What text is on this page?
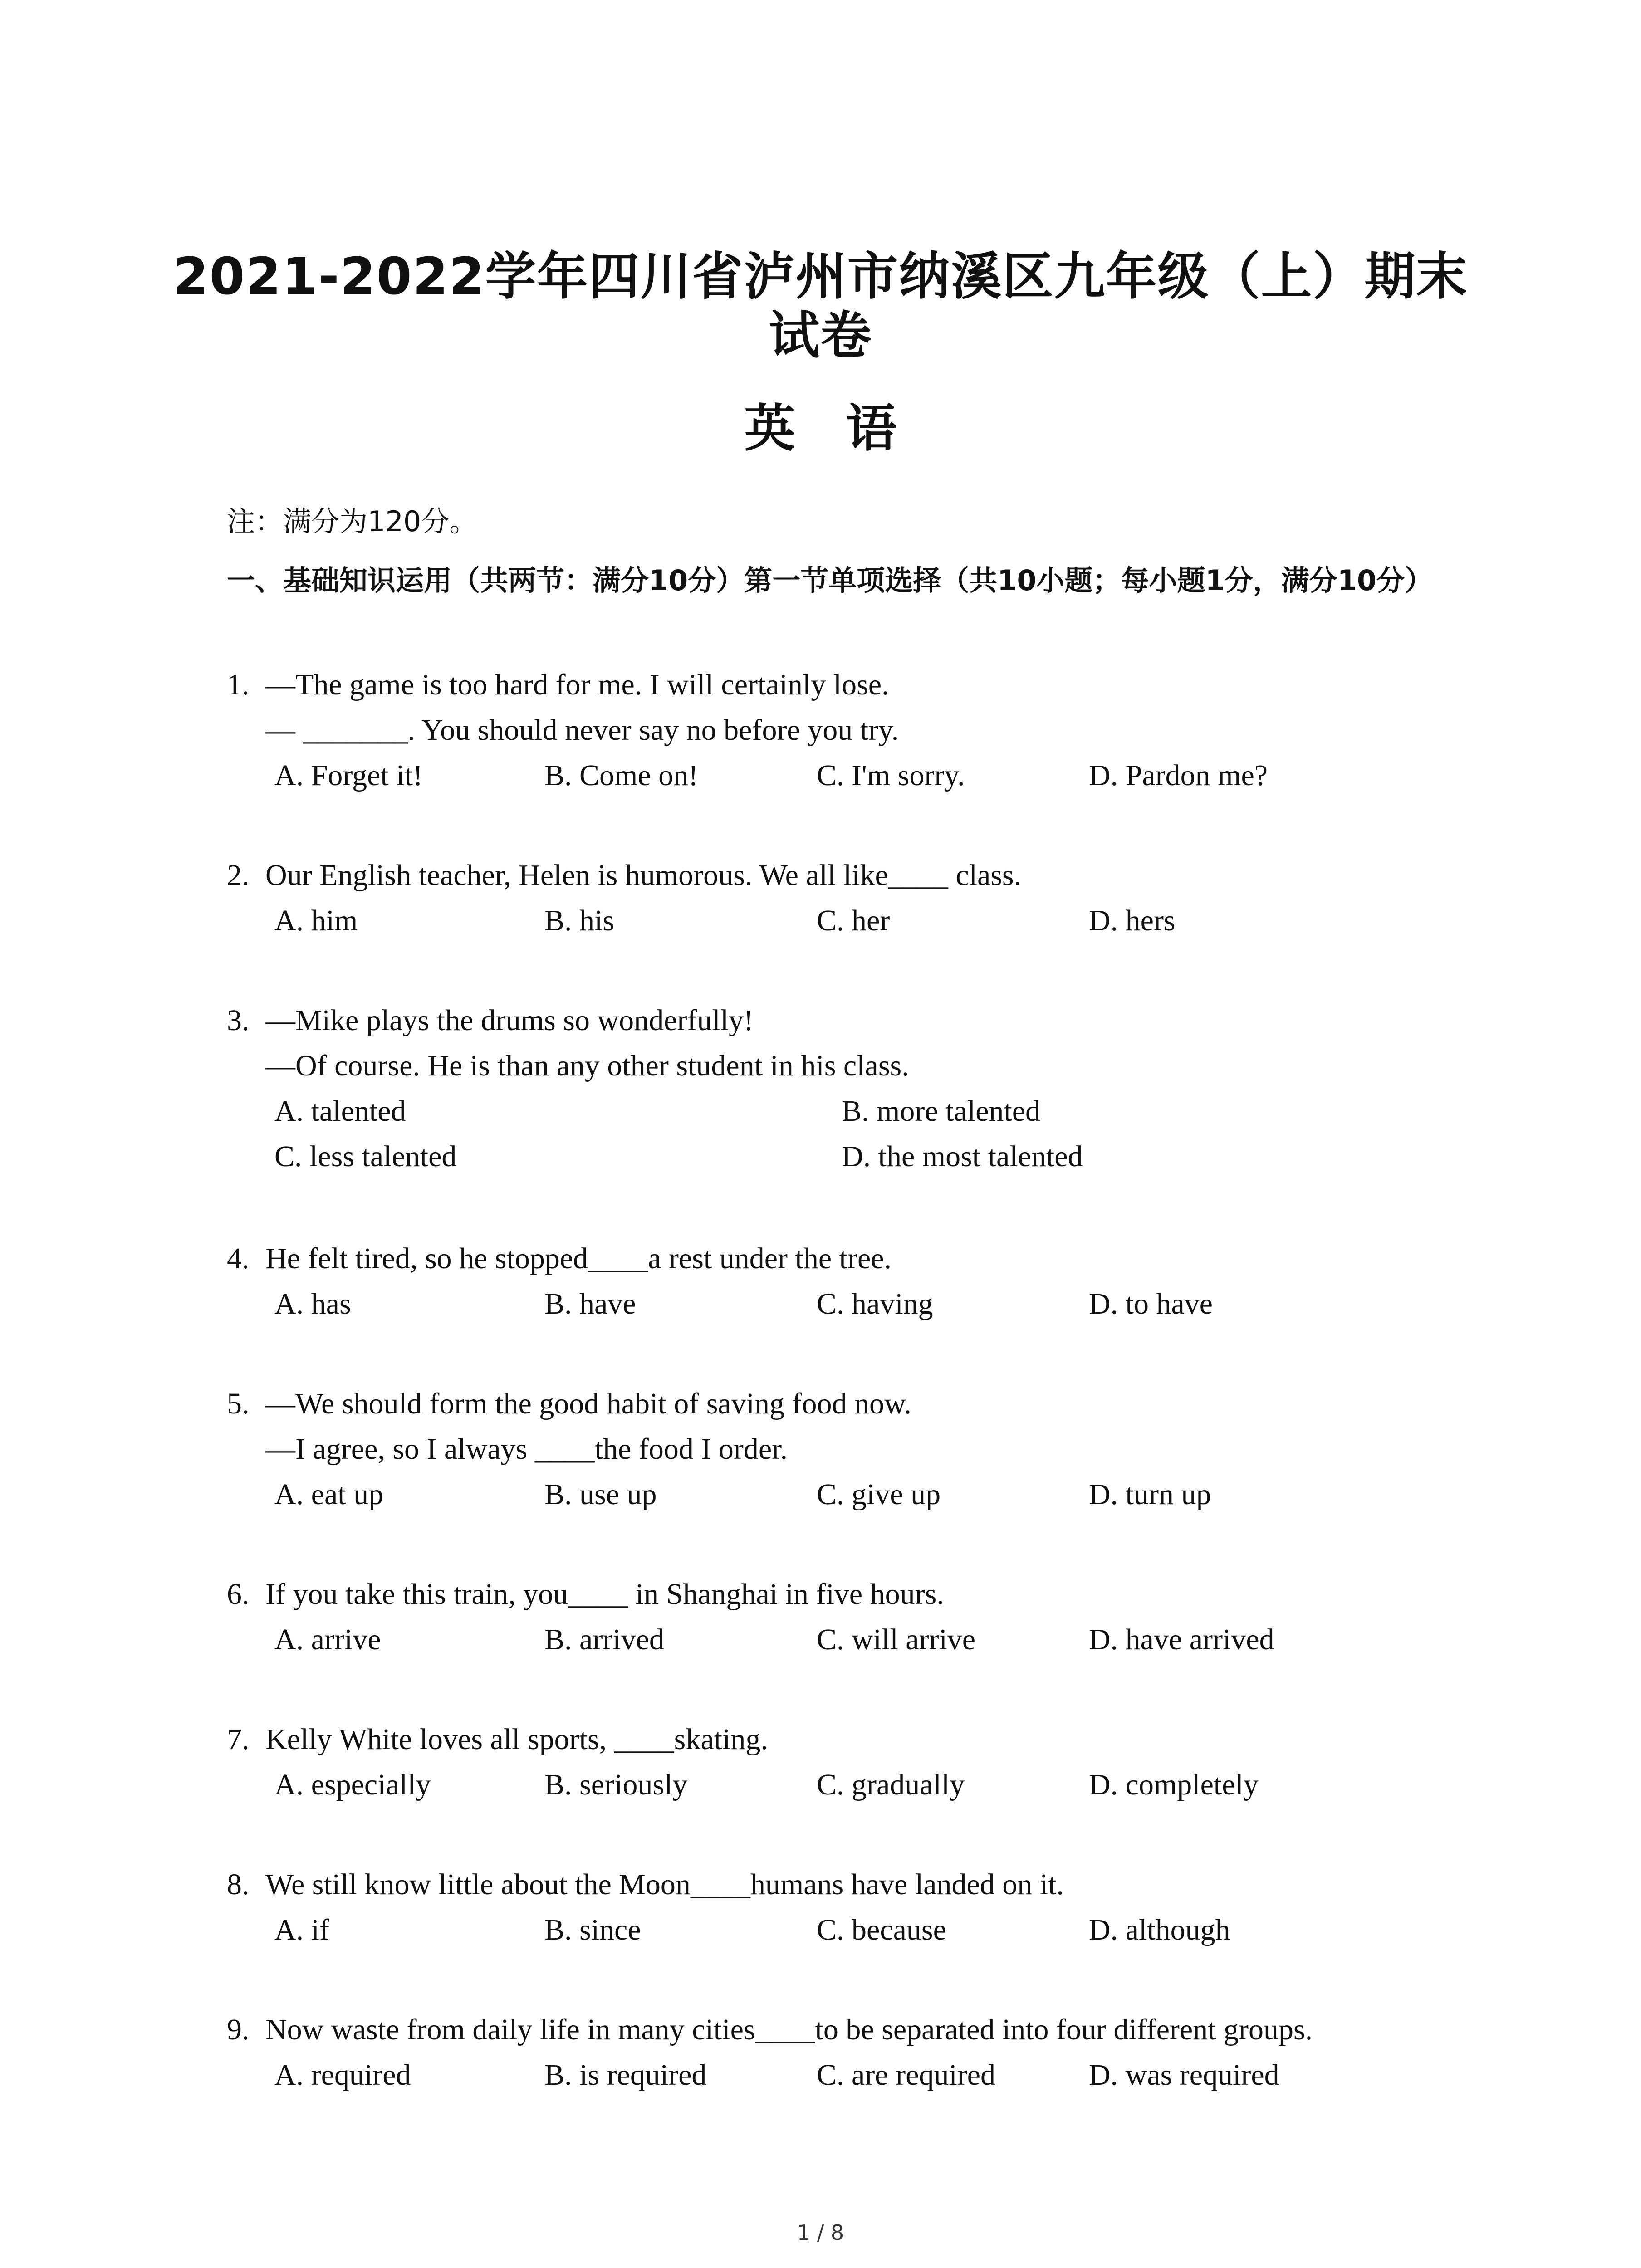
2021-2022学年四川省泸州市纳溪区九年级（上）期末
试卷
英　语
注：满分为120分。
一、基础知识运用（共两节：满分10分）第一节单项选择（共10小题；每小题1分，满分10分）
1. —The game is too hard for me. I will certainly lose.
— _______. You should never say no before you try.
A. Forget it!	B. Come on!	C. I'm sorry.	D. Pardon me?
2. Our English teacher, Helen is humorous. We all like____ class.
A. him	B. his	C. her	D. hers
3. —Mike plays the drums so wonderfully!
—Of course. He is than any other student in his class.
A. talented	B. more talented
C. less talented	D. the most talented
4. He felt tired, so he stopped____a rest under the tree.
A. has	B. have	C. having	D. to have
5. —We should form the good habit of saving food now.
—I agree, so I always ____the food I order.
A. eat up	B. use up	C. give up	D. turn up
6. If you take this train, you____ in Shanghai in five hours.
A. arrive	B. arrived	C. will arrive	D. have arrived
7. Kelly White loves all sports, ____skating.
A. especially	B. seriously	C. gradually	D. completely
8. We still know little about the Moon____humans have landed on it.
A. if	B. since	C. because	D. although
9. Now waste from daily life in many cities____to be separated into four different groups.
A. required	B. is required	C. are required	D. was required
1 / 8
